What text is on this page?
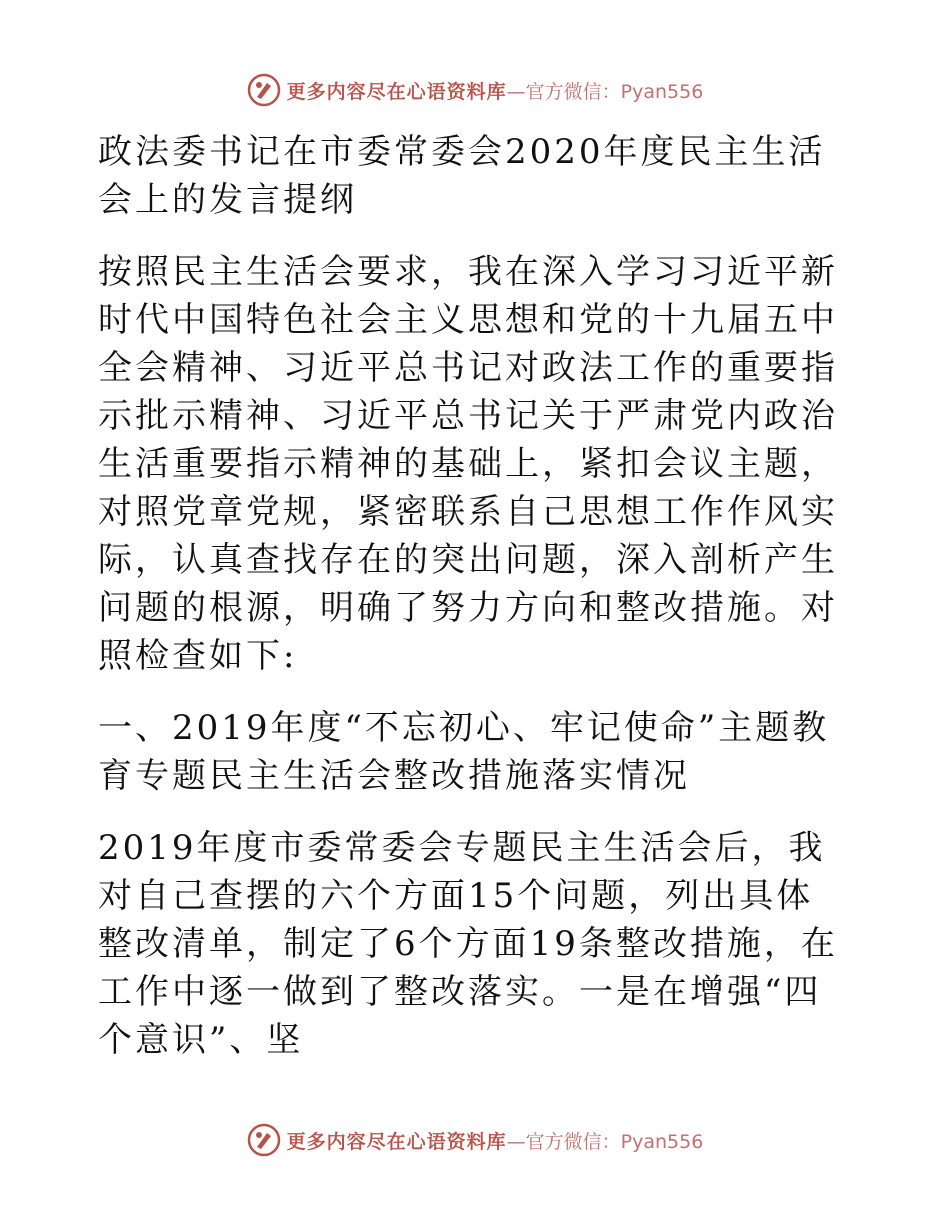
更多内容尽在心语资料库 —官方微信：Pyan556

政法委书记在市委常委会2020年度民主生活会上的发言提纲

按照民主生活会要求，我在深入学习习近平新时代中国特色社会主义思想和党的十九届五中全会精神、习近平总书记对政法工作的重要指示批示精神、习近平总书记关于严肃党内政治生活重要指示精神的基础上，紧扣会议主题，对照党章党规，紧密联系自己思想工作作风实际，认真查找存在的突出问题，深入剖析产生问题的根源，明确了努力方向和整改措施。对照检查如下:

一、2019年度“不忘初心、牢记使命”主题教育专题民主生活会整改措施落实情况

2019年度市委常委会专题民主生活会后，我对自己查摆的六个方面15个问题，列出具体整改清单，制定了6个方面19条整改措施，在工作中逐一做到了整改落实。一是在增强“四个意识”、坚

更多内容尽在心语资料库 —官方微信：Pyan556
